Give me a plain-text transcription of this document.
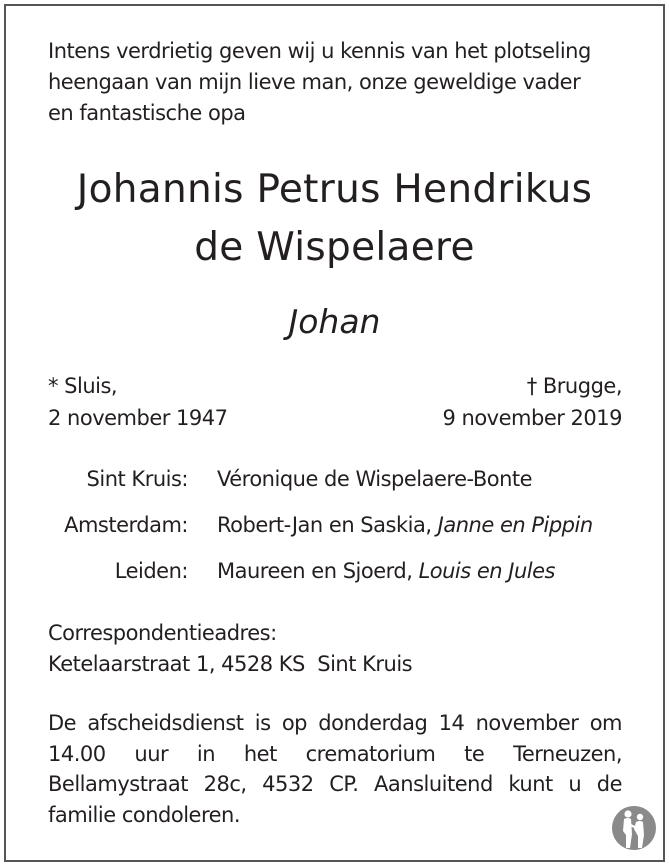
Intens verdrietig geven wij u kennis van het plotseling
heengaan van mijn lieve man, onze geweldige vader
en fantastische opa
Johannis Petrus Hendrikus
de Wispelaere
Johan
* Sluis,
2 november 1947
† Brugge,
9 november 2019
Sint Kruis: Véronique de Wispelaere-Bonte
Amsterdam: Robert-Jan en Saskia, Janne en Pippin
Leiden: Maureen en Sjoerd, Louis en Jules
Correspondentieadres:
Ketelaarstraat 1, 4528 KS  Sint Kruis
De afscheidsdienst is op donderdag 14 november om 14.00 uur in het crematorium te Terneuzen, Bellamystraat 28c, 4532 CP. Aansluitend kunt u de familie condoleren.
